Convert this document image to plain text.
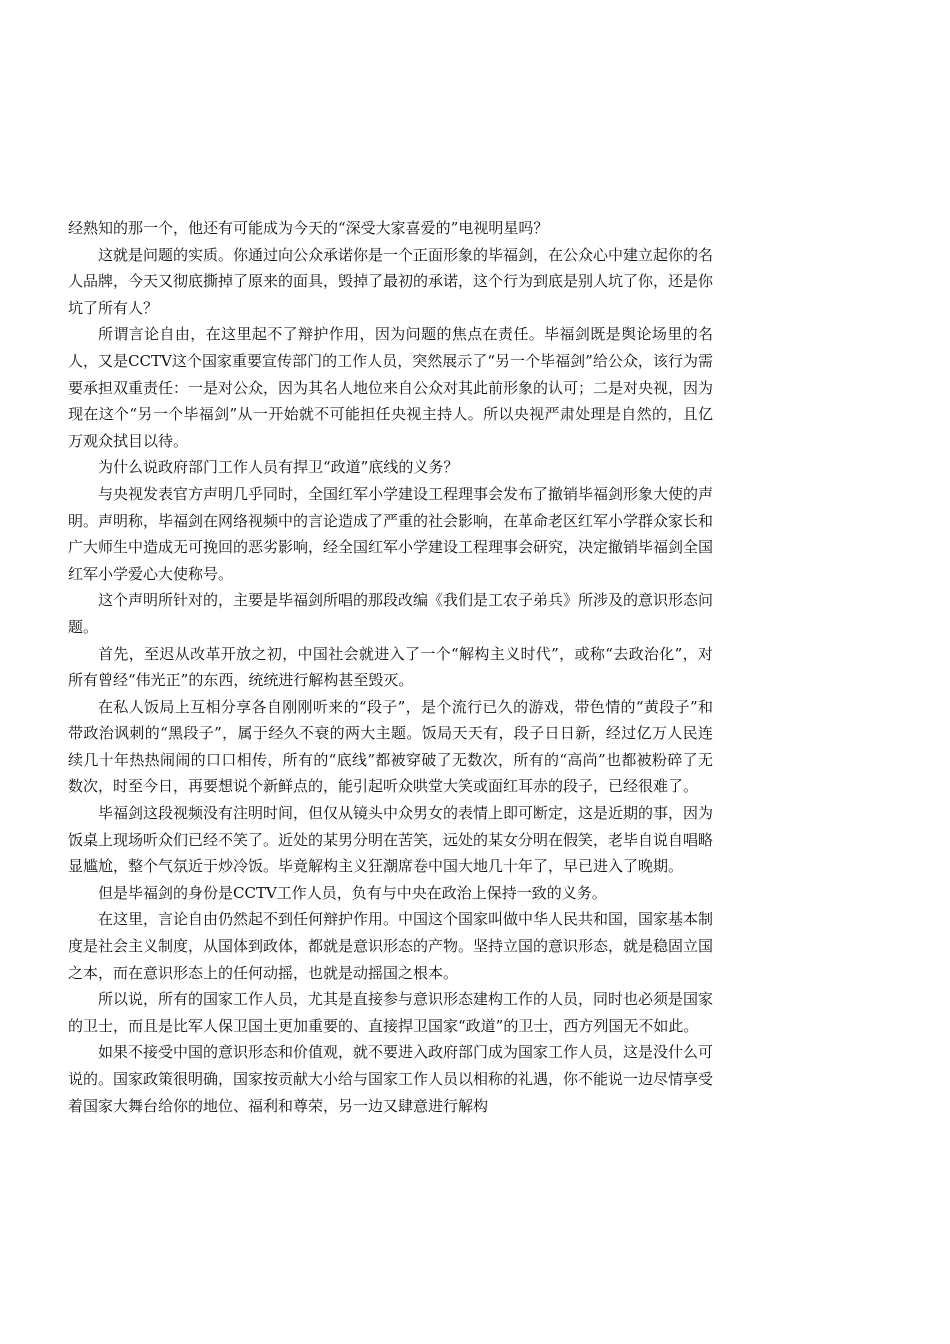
经熟知的那一个，他还有可能成为今天的“深受大家喜爱的”电视明星吗？

这就是问题的实质。你通过向公众承诺你是一个正面形象的毕福剑，在公众心中建立起你的名人品牌，今天又彻底撕掉了原来的面具，毁掉了最初的承诺，这个行为到底是别人坑了你，还是你坑了所有人？

所谓言论自由，在这里起不了辩护作用，因为问题的焦点在责任。毕福剑既是舆论场里的名人，又是CCTV这个国家重要宣传部门的工作人员，突然展示了“另一个毕福剑”给公众，该行为需要承担双重责任：一是对公众，因为其名人地位来自公众对其此前形象的认可；二是对央视，因为现在这个“另一个毕福剑”从一开始就不可能担任央视主持人。所以央视严肃处理是自然的，且亿万观众拭目以待。

为什么说政府部门工作人员有捍卫“政道”底线的义务？

与央视发表官方声明几乎同时，全国红军小学建设工程理事会发布了撤销毕福剑形象大使的声明。声明称，毕福剑在网络视频中的言论造成了严重的社会影响，在革命老区红军小学群众家长和广大师生中造成无可挽回的恶劣影响，经全国红军小学建设工程理事会研究，决定撤销毕福剑全国红军小学爱心大使称号。

这个声明所针对的，主要是毕福剑所唱的那段改编《我们是工农子弟兵》所涉及的意识形态问题。

首先，至迟从改革开放之初，中国社会就进入了一个“解构主义时代”，或称“去政治化”，对所有曾经“伟光正”的东西，统统进行解构甚至毁灭。

在私人饭局上互相分享各自刚刚听来的“段子”，是个流行已久的游戏，带色情的“黄段子”和带政治讽刺的“黑段子”，属于经久不衰的两大主题。饭局天天有，段子日日新，经过亿万人民连续几十年热热闹闹的口口相传，所有的“底线”都被穿破了无数次，所有的“高尚”也都被粉碎了无数次，时至今日，再要想说个新鲜点的，能引起听众哄堂大笑或面红耳赤的段子，已经很难了。

毕福剑这段视频没有注明时间，但仅从镜头中众男女的表情上即可断定，这是近期的事，因为饭桌上现场听众们已经不笑了。近处的某男分明在苦笑，远处的某女分明在假笑，老毕自说自唱略显尴尬，整个气氛近于炒冷饭。毕竟解构主义狂潮席卷中国大地几十年了，早已进入了晚期。

但是毕福剑的身份是CCTV工作人员，负有与中央在政治上保持一致的义务。

在这里，言论自由仍然起不到任何辩护作用。中国这个国家叫做中华人民共和国，国家基本制度是社会主义制度，从国体到政体，都就是意识形态的产物。坚持立国的意识形态，就是稳固立国之本，而在意识形态上的任何动摇，也就是动摇国之根本。

所以说，所有的国家工作人员，尤其是直接参与意识形态建构工作的人员，同时也必须是国家的卫士，而且是比军人保卫国土更加重要的、直接捍卫国家“政道”的卫士，西方列国无不如此。

如果不接受中国的意识形态和价值观，就不要进入政府部门成为国家工作人员，这是没什么可说的。国家政策很明确，国家按贡献大小给与国家工作人员以相称的礼遇，你不能说一边尽情享受着国家大舞台给你的地位、福利和尊荣，另一边又肆意进行解构
